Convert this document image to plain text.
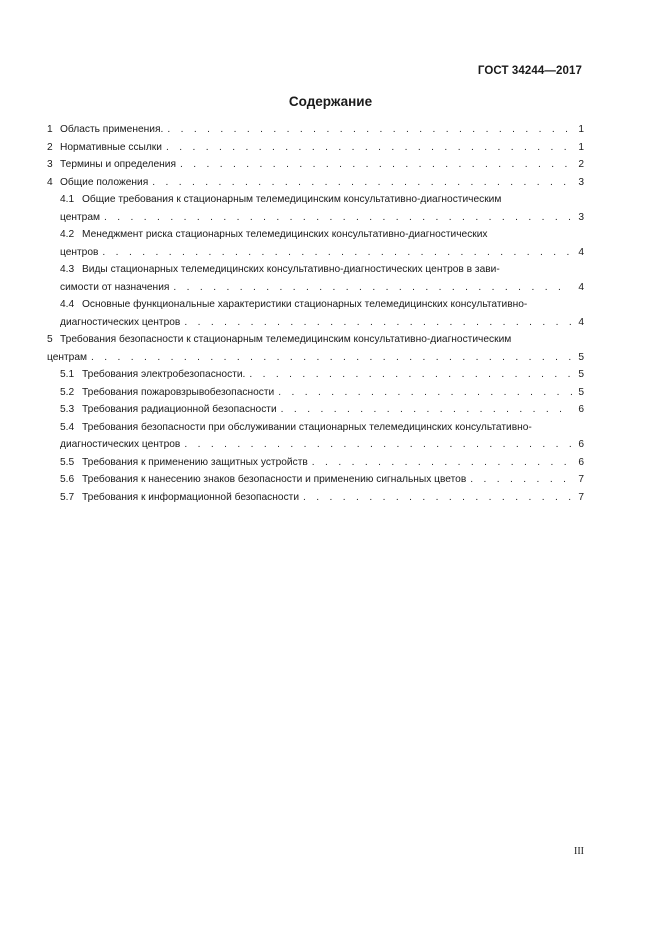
ГОСТ 34244—2017
Содержание
1 Область применения. . . .	1
2 Нормативные ссылки . . .	1
3 Термины и определения . . .	2
4 Общие положения . . .	3
4.1 Общие требования к стационарным телемедицинским консультативно-диагностическим
центрам . . .	3
4.2 Менеджмент риска стационарных телемедицинских консультативно-диагностических
центров . . .	4
4.3 Виды стационарных телемедицинских консультативно-диагностических центров в зави-
симости от назначения . . .	4
4.4 Основные функциональные характеристики стационарных телемедицинских консультативно-
диагностических центров . . .	4
5 Требования безопасности к стационарным телемедицинским консультативно-диагностическим
центрам . . .	5
5.1 Требования электробезопасности. . . .	5
5.2 Требования пожаровзрывобезопасности . . .	5
5.3 Требования радиационной безопасности . . .	6
5.4 Требования безопасности при обслуживании стационарных телемедицинских консультативно-
диагностических центров . . .	6
5.5 Требования к применению защитных устройств . . .	6
5.6 Требования к нанесению знаков безопасности и применению сигнальных цветов . . .	7
5.7 Требования к информационной безопасности . . .	7
III
